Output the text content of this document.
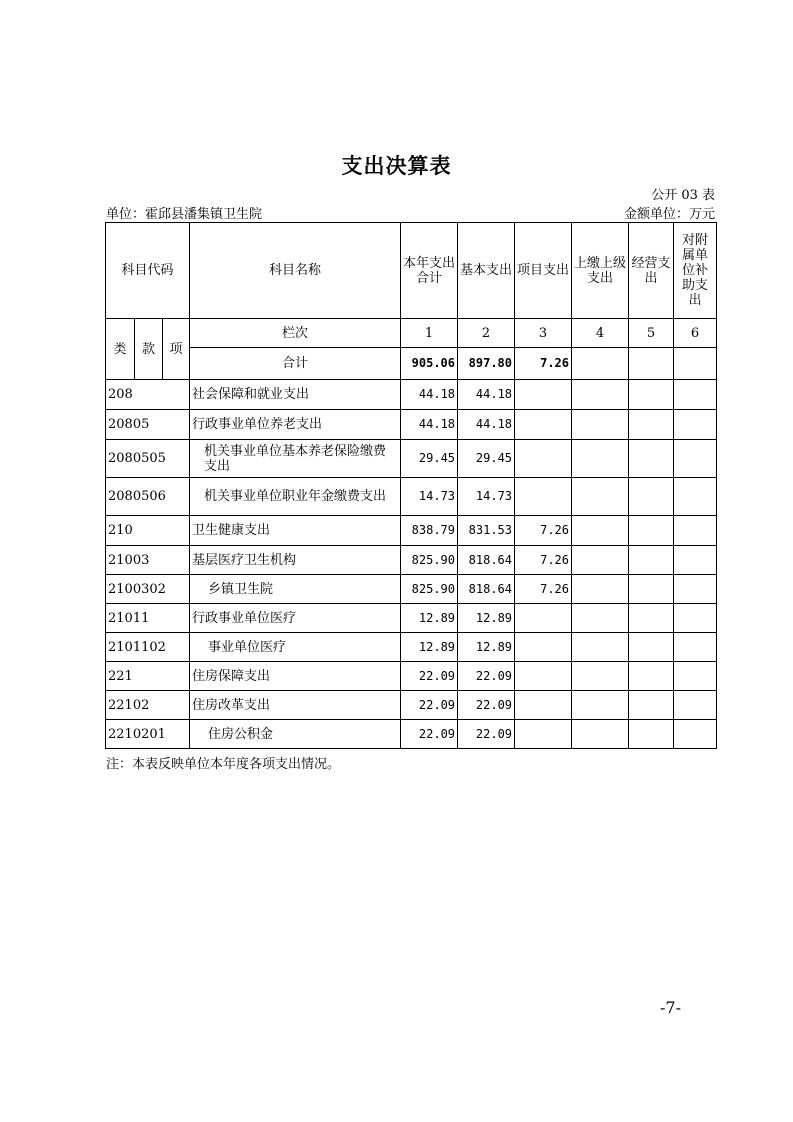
支出决算表
公开 03 表
单位：霍邱县潘集镇卫生院	金额单位：万元
科目代码			科目名称	本年支出合计	基本支出	项目支出	上缴上级支出	经营支出	对附属单位补助支出
类	款	项	栏次	1	2	3	4	5	6
			合计	905.06	897.80	7.26			
208			社会保障和就业支出	44.18	44.18				
20805			行政事业单位养老支出	44.18	44.18				
2080505			机关事业单位基本养老保险缴费支出	29.45	29.45				
2080506			机关事业单位职业年金缴费支出	14.73	14.73				
210			卫生健康支出	838.79	831.53	7.26			
21003			基层医疗卫生机构	825.90	818.64	7.26			
2100302			乡镇卫生院	825.90	818.64	7.26			
21011			行政事业单位医疗	12.89	12.89				
2101102			事业单位医疗	12.89	12.89				
221			住房保障支出	22.09	22.09				
22102			住房改革支出	22.09	22.09				
2210201			住房公积金	22.09	22.09				
注：本表反映单位本年度各项支出情况。
-7-
